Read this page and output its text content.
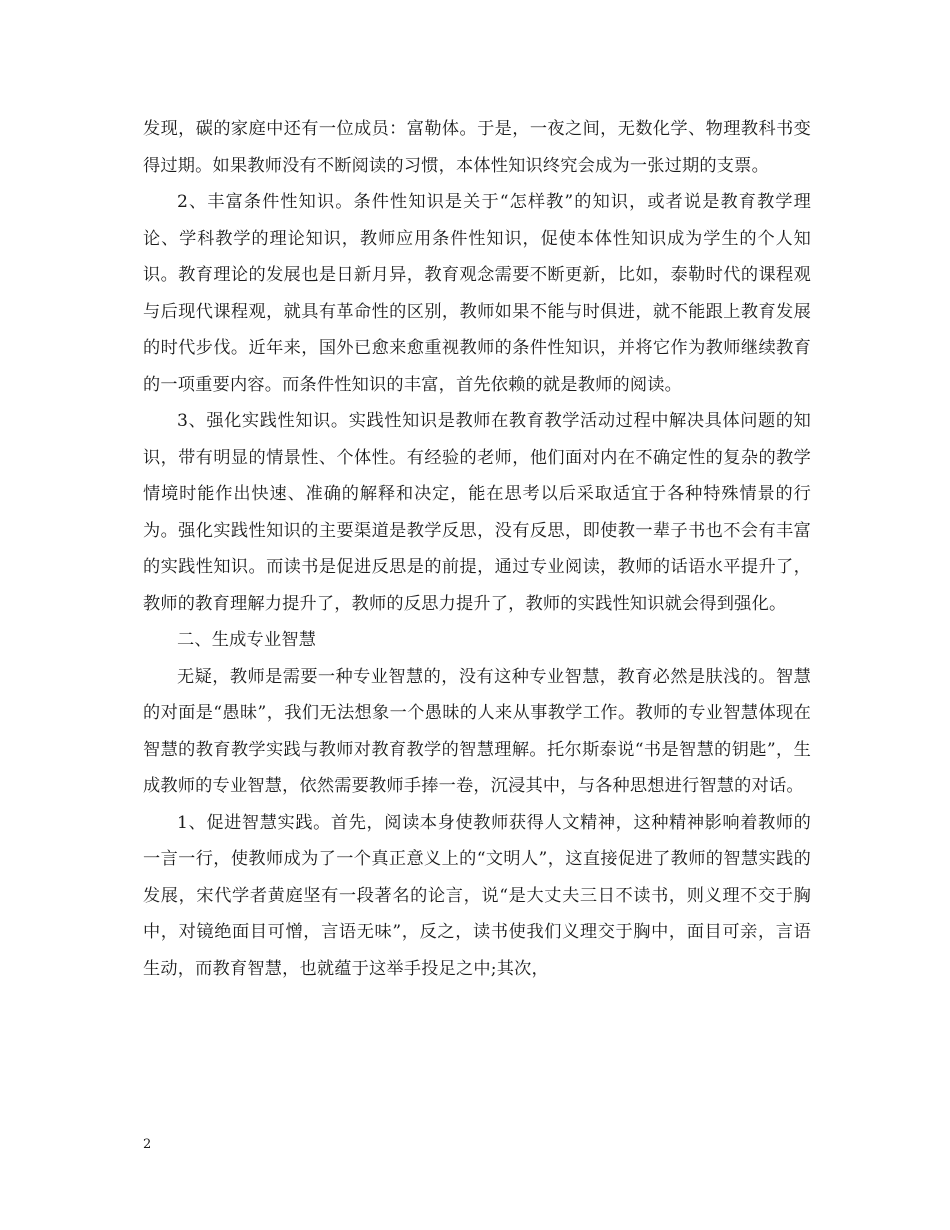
发现，碳的家庭中还有一位成员：富勒体。于是，一夜之间，无数化学、物理教科书变得过期。如果教师没有不断阅读的习惯，本体性知识终究会成为一张过期的支票。

2、丰富条件性知识。条件性知识是关于“怎样教”的知识，或者说是教育教学理论、学科教学的理论知识，教师应用条件性知识，促使本体性知识成为学生的个人知识。教育理论的发展也是日新月异，教育观念需要不断更新，比如，泰勒时代的课程观与后现代课程观，就具有革命性的区别，教师如果不能与时俱进，就不能跟上教育发展的时代步伐。近年来，国外已愈来愈重视教师的条件性知识，并将它作为教师继续教育的一项重要内容。而条件性知识的丰富，首先依赖的就是教师的阅读。

3、强化实践性知识。实践性知识是教师在教育教学活动过程中解决具体问题的知识，带有明显的情景性、个体性。有经验的老师，他们面对内在不确定性的复杂的教学情境时能作出快速、准确的解释和决定，能在思考以后采取适宜于各种特殊情景的行为。强化实践性知识的主要渠道是教学反思，没有反思，即使教一辈子书也不会有丰富的实践性知识。而读书是促进反思是的前提，通过专业阅读，教师的话语水平提升了，教师的教育理解力提升了，教师的反思力提升了，教师的实践性知识就会得到强化。

二、生成专业智慧

无疑，教师是需要一种专业智慧的，没有这种专业智慧，教育必然是肤浅的。智慧的对面是“愚昧”，我们无法想象一个愚昧的人来从事教学工作。教师的专业智慧体现在智慧的教育教学实践与教师对教育教学的智慧理解。托尔斯泰说“书是智慧的钥匙”，生成教师的专业智慧，依然需要教师手捧一卷，沉浸其中，与各种思想进行智慧的对话。

1、促进智慧实践。首先，阅读本身使教师获得人文精神，这种精神影响着教师的一言一行，使教师成为了一个真正意义上的“文明人”，这直接促进了教师的智慧实践的发展，宋代学者黄庭坚有一段著名的论言，说“是大丈夫三日不读书，则义理不交于胸中，对镜绝面目可憎，言语无味”，反之，读书使我们义理交于胸中，面目可亲，言语生动，而教育智慧，也就蕴于这举手投足之中;其次，

2
